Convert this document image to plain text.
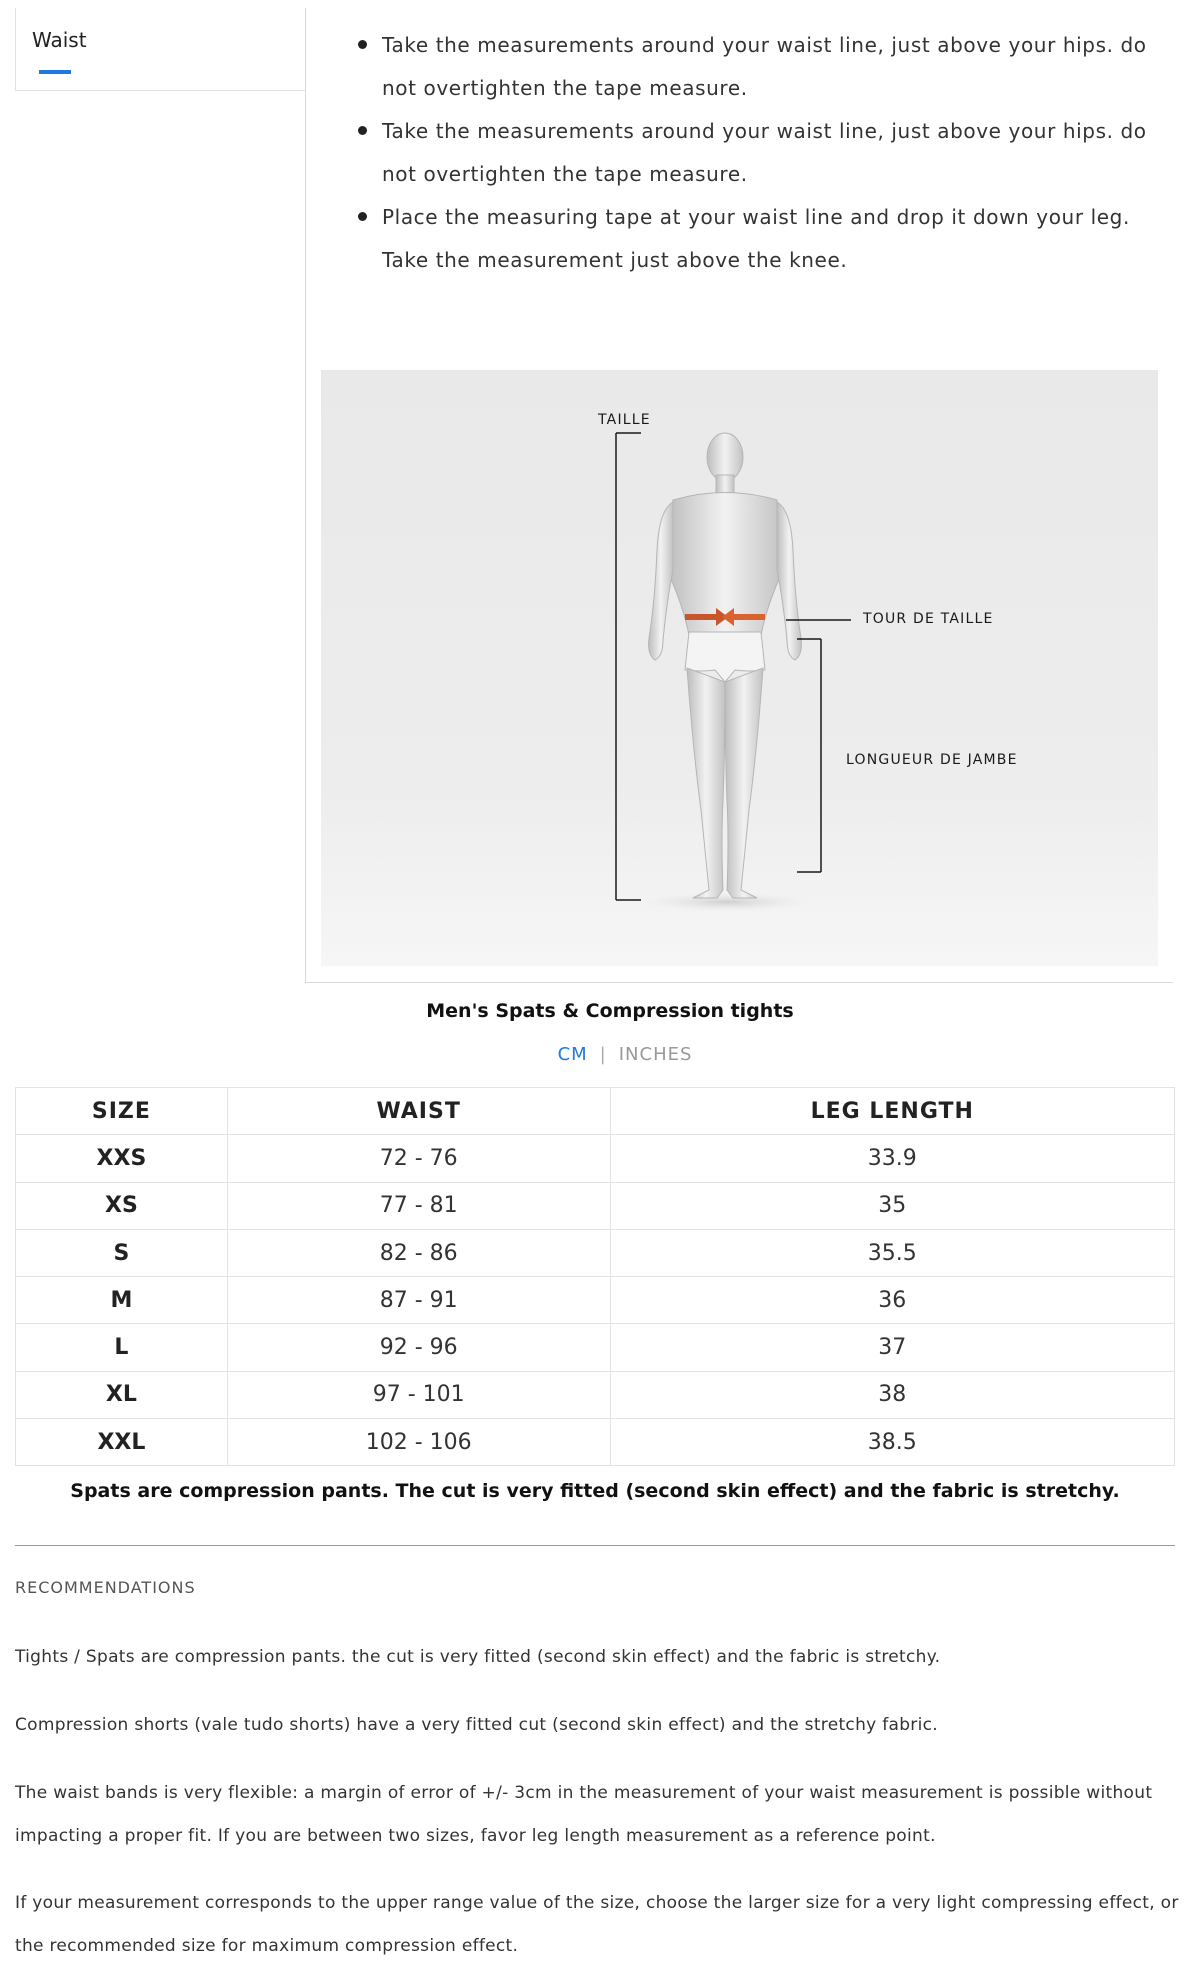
Waist	Take the measurements around your waist line, just above your hips. do not overtighten the tape measure.
Take the measurements around your waist line, just above your hips. do not overtighten the tape measure.
Place the measuring tape at your waist line and drop it down your leg. Take the measurement just above the knee.
TAILLE
TOUR DE TAILLE
LONGUEUR DE JAMBE
Men's Spats & Compression tights
CM | INCHES
SIZE	WAIST	LEG LENGTH
XXS	72 - 76	33.9
XS	77 - 81	35
S	82 - 86	35.5
M	87 - 91	36
L	92 - 96	37
XL	97 - 101	38
XXL	102 - 106	38.5
Spats are compression pants. The cut is very fitted (second skin effect) and the fabric is stretchy.
RECOMMENDATIONS

Tights / Spats are compression pants. the cut is very fitted (second skin effect) and the fabric is stretchy.

Compression shorts (vale tudo shorts) have a very fitted cut (second skin effect) and the stretchy fabric.

The waist bands is very flexible: a margin of error of +/- 3cm in the measurement of your waist measurement is possible without impacting a proper fit. If you are between two sizes, favor leg length measurement as a reference point.

If your measurement corresponds to the upper range value of the size, choose the larger size for a very light compressing effect, or the recommended size for maximum compression effect.
